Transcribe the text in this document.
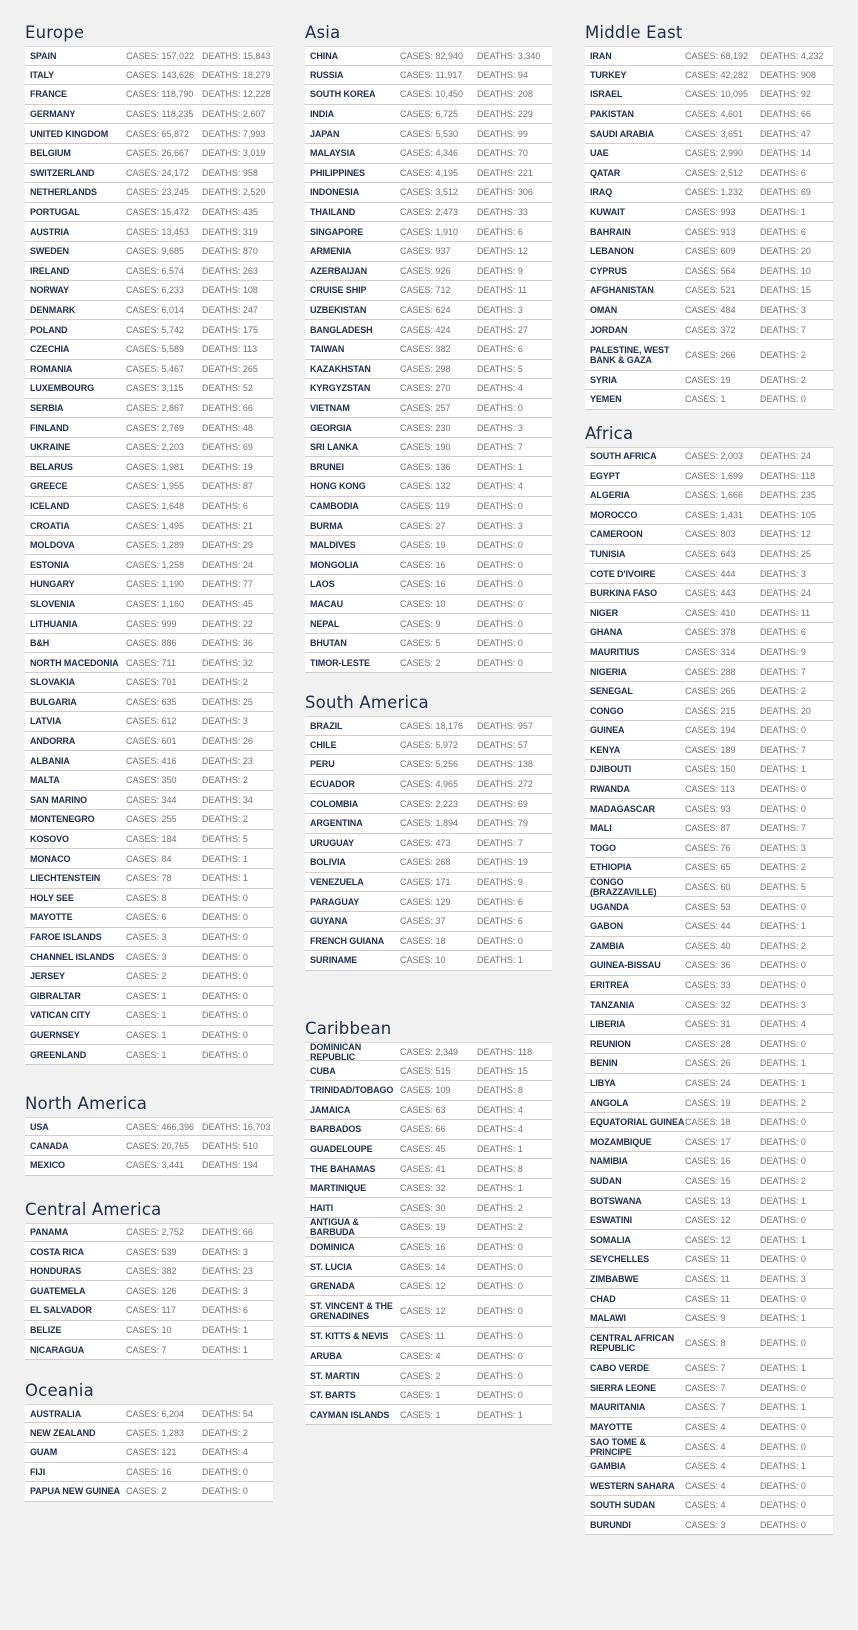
Europe
SPAIN	CASES: 157,022 DEATHS: 15,843
ITALY	CASES: 143,626 DEATHS: 18,279
FRANCE	CASES: 118,790 DEATHS: 12,228
GERMANY	CASES: 118,235 DEATHS: 2,607
UNITED KINGDOM	CASES: 65,872	DEATHS: 7,993
BELGIUM	CASES: 26,667	DEATHS: 3,019
SWITZERLAND	CASES: 24,172	DEATHS: 958
NETHERLANDS	CASES: 23,245	DEATHS: 2,520
PORTUGAL	CASES: 15,472	DEATHS: 435
AUSTRIA	CASES: 13,453	DEATHS: 319
SWEDEN	CASES: 9,685	DEATHS: 870
IRELAND	CASES: 6,574	DEATHS: 263
NORWAY	CASES: 6,233	DEATHS: 108
DENMARK	CASES: 6,014	DEATHS: 247
POLAND	CASES: 5,742	DEATHS: 175
CZECHIA	CASES: 5,589	DEATHS: 113
ROMANIA	CASES: 5,467	DEATHS: 265
LUXEMBOURG	CASES: 3,115	DEATHS: 52
SERBIA	CASES: 2,867	DEATHS: 66
FINLAND	CASES: 2,769	DEATHS: 48
UKRAINE	CASES: 2,203	DEATHS: 69
BELARUS	CASES: 1,981	DEATHS: 19
GREECE	CASES: 1,955	DEATHS: 87
ICELAND	CASES: 1,648	DEATHS: 6
CROATIA	CASES: 1,495	DEATHS: 21
MOLDOVA	CASES: 1,289	DEATHS: 29
ESTONIA	CASES: 1,258	DEATHS: 24
HUNGARY	CASES: 1,190	DEATHS: 77
SLOVENIA	CASES: 1,160	DEATHS: 45
LITHUANIA	CASES: 999	DEATHS: 22
B&H	CASES: 886	DEATHS: 36
NORTH MACEDONIA CASES: 711	DEATHS: 32
SLOVAKIA	CASES: 701	DEATHS: 2
BULGARIA	CASES: 635	DEATHS: 25
LATVIA	CASES: 612	DEATHS: 3
ANDORRA	CASES: 601	DEATHS: 26
ALBANIA	CASES: 416	DEATHS: 23
MALTA	CASES: 350	DEATHS: 2
SAN MARINO	CASES: 344	DEATHS: 34
MONTENEGRO	CASES: 255	DEATHS: 2
KOSOVO	CASES: 184	DEATHS: 5
MONACO	CASES: 84	DEATHS: 1
LIECHTENSTEIN	CASES: 78	DEATHS: 1
HOLY SEE	CASES: 8	DEATHS: 0
MAYOTTE	CASES: 6	DEATHS: 0
FAROE ISLANDS	CASES: 3	DEATHS: 0
CHANNEL ISLANDS	CASES: 3	DEATHS: 0
JERSEY	CASES: 2	DEATHS: 0
GIBRALTAR	CASES: 1	DEATHS: 0
VATICAN CITY	CASES: 1	DEATHS: 0
GUERNSEY	CASES: 1	DEATHS: 0
GREENLAND	CASES: 1	DEATHS: 0
North America
USA	CASES: 466,396 DEATHS: 16,703
CANADA	CASES: 20,765	DEATHS: 510
MEXICO	CASES: 3,441	DEATHS: 194
Central America
PANAMA	CASES: 2,752	DEATHS: 66
COSTA RICA	CASES: 539	DEATHS: 3
HONDURAS	CASES: 382	DEATHS: 23
GUATEMELA	CASES: 126	DEATHS: 3
EL SALVADOR	CASES: 117	DEATHS: 6
BELIZE	CASES: 10	DEATHS: 1
NICARAGUA	CASES: 7	DEATHS: 1
Oceania
AUSTRALIA	CASES: 6,204	DEATHS: 54
NEW ZEALAND	CASES: 1,283	DEATHS: 2
GUAM	CASES: 121	DEATHS: 4
FIJI	CASES: 16	DEATHS: 0
PAPUA NEW GUINEA CASES: 2	DEATHS: 0
Asia
CHINA	CASES: 82,940	DEATHS: 3,340
RUSSIA	CASES: 11,917	DEATHS: 94
SOUTH KOREA	CASES: 10,450	DEATHS: 208
INDIA	CASES: 6,725	DEATHS: 229
JAPAN	CASES: 5,530	DEATHS: 99
MALAYSIA	CASES: 4,346	DEATHS: 70
PHILIPPINES	CASES: 4,195	DEATHS: 221
INDONESIA	CASES: 3,512	DEATHS: 306
THAILAND	CASES: 2,473	DEATHS: 33
SINGAPORE	CASES: 1,910	DEATHS: 6
ARMENIA	CASES: 937	DEATHS: 12
AZERBAIJAN	CASES: 926	DEATHS: 9
CRUISE SHIP	CASES: 712	DEATHS: 11
UZBEKISTAN	CASES: 624	DEATHS: 3
BANGLADESH	CASES: 424	DEATHS: 27
TAIWAN	CASES: 382	DEATHS: 6
KAZAKHSTAN	CASES: 298	DEATHS: 5
KYRGYZSTAN	CASES: 270	DEATHS: 4
VIETNAM	CASES: 257	DEATHS: 0
GEORGIA	CASES: 230	DEATHS: 3
SRI LANKA	CASES: 190	DEATHS: 7
BRUNEI	CASES: 136	DEATHS: 1
HONG KONG	CASES: 132	DEATHS: 4
CAMBODIA	CASES: 119	DEATHS: 0
BURMA	CASES: 27	DEATHS: 3
MALDIVES	CASES: 19	DEATHS: 0
MONGOLIA	CASES: 16	DEATHS: 0
LAOS	CASES: 16	DEATHS: 0
MACAU	CASES: 10	DEATHS: 0
NEPAL	CASES: 9	DEATHS: 0
BHUTAN	CASES: 5	DEATHS: 0
TIMOR-LESTE	CASES: 2	DEATHS: 0
South America
BRAZIL	CASES: 18,176	DEATHS: 957
CHILE	CASES: 5,972	DEATHS: 57
PERU	CASES: 5,256	DEATHS: 138
ECUADOR	CASES: 4,965	DEATHS: 272
COLOMBIA	CASES: 2,223	DEATHS: 69
ARGENTINA	CASES: 1,894	DEATHS: 79
URUGUAY	CASES: 473	DEATHS: 7
BOLIVIA	CASES: 268	DEATHS: 19
VENEZUELA	CASES: 171	DEATHS: 9
PARAGUAY	CASES: 129	DEATHS: 6
GUYANA	CASES: 37	DEATHS: 6
FRENCH GUIANA	CASES: 18	DEATHS: 0
SURINAME	CASES: 10	DEATHS: 1
Caribbean
DOMINICAN REPUBLIC	CASES: 2,349	DEATHS: 118
CUBA	CASES: 515	DEATHS: 15
TRINIDAD/TOBAGO CASES: 109	DEATHS: 8
JAMAICA	CASES: 63	DEATHS: 4
BARBADOS	CASES: 66	DEATHS: 4
GUADELOUPE	CASES: 45	DEATHS: 1
THE BAHAMAS	CASES: 41	DEATHS: 8
MARTINIQUE	CASES: 32	DEATHS: 1
HAITI	CASES: 30	DEATHS: 2
ANTIGUA & BARBUDA	CASES: 19	DEATHS: 2
DOMINICA	CASES: 16	DEATHS: 0
ST. LUCIA	CASES: 14	DEATHS: 0
GRENADA	CASES: 12	DEATHS: 0
ST. VINCENT & THE GRENADINES	CASES: 12	DEATHS: 0
ST. KITTS & NEVIS	CASES: 11	DEATHS: 0
ARUBA	CASES: 4	DEATHS: 0
ST. MARTIN	CASES: 2	DEATHS: 0
ST. BARTS	CASES: 1	DEATHS: 0
CAYMAN ISLANDS	CASES: 1	DEATHS: 1
Middle East
IRAN	CASES: 68,192	DEATHS: 4,232
TURKEY	CASES: 42,282	DEATHS: 908
ISRAEL	CASES: 10,095	DEATHS: 92
PAKISTAN	CASES: 4,601	DEATHS: 66
SAUDI ARABIA	CASES: 3,651	DEATHS: 47
UAE	CASES: 2,990	DEATHS: 14
QATAR	CASES: 2,512	DEATHS: 6
IRAQ	CASES: 1,232	DEATHS: 69
KUWAIT	CASES: 993	DEATHS: 1
BAHRAIN	CASES: 913	DEATHS: 6
LEBANON	CASES: 609	DEATHS: 20
CYPRUS	CASES: 564	DEATHS: 10
AFGHANISTAN	CASES: 521	DEATHS: 15
OMAN	CASES: 484	DEATHS: 3
JORDAN	CASES: 372	DEATHS: 7
PALESTINE, WEST BANK & GAZA	CASES: 266	DEATHS: 2
SYRIA	CASES: 19	DEATHS: 2
YEMEN	CASES: 1	DEATHS: 0
Africa
SOUTH AFRICA	CASES: 2,003	DEATHS: 24
EGYPT	CASES: 1,699	DEATHS: 118
ALGERIA	CASES: 1,666	DEATHS: 235
MOROCCO	CASES: 1,431	DEATHS: 105
CAMEROON	CASES: 803	DEATHS: 12
TUNISIA	CASES: 643	DEATHS: 25
COTE D'IVOIRE	CASES: 444	DEATHS: 3
BURKINA FASO	CASES: 443	DEATHS: 24
NIGER	CASES: 410	DEATHS: 11
GHANA	CASES: 378	DEATHS: 6
MAURITIUS	CASES: 314	DEATHS: 9
NIGERIA	CASES: 288	DEATHS: 7
SENEGAL	CASES: 265	DEATHS: 2
CONGO	CASES: 215	DEATHS: 20
GUINEA	CASES: 194	DEATHS: 0
KENYA	CASES: 189	DEATHS: 7
DJIBOUTI	CASES: 150	DEATHS: 1
RWANDA	CASES: 113	DEATHS: 0
MADAGASCAR	CASES: 93	DEATHS: 0
MALI	CASES: 87	DEATHS: 7
TOGO	CASES: 76	DEATHS: 3
ETHIOPIA	CASES: 65	DEATHS: 2
CONGO (BRAZZAVILLE)	CASES: 60	DEATHS: 5
UGANDA	CASES: 53	DEATHS: 0
GABON	CASES: 44	DEATHS: 1
ZAMBIA	CASES: 40	DEATHS: 2
GUINEA-BISSAU	CASES: 36	DEATHS: 0
ERITREA	CASES: 33	DEATHS: 0
TANZANIA	CASES: 32	DEATHS: 3
LIBERIA	CASES: 31	DEATHS: 4
REUNION	CASES: 28	DEATHS: 0
BENIN	CASES: 26	DEATHS: 1
LIBYA	CASES: 24	DEATHS: 1
ANGOLA	CASES: 19	DEATHS: 2
EQUATORIAL GUINEA CASES: 18	DEATHS: 0
MOZAMBIQUE	CASES: 17	DEATHS: 0
NAMIBIA	CASES: 16	DEATHS: 0
SUDAN	CASES: 15	DEATHS: 2
BOTSWANA	CASES: 13	DEATHS: 1
ESWATINI	CASES: 12	DEATHS: 0
SOMALIA	CASES: 12	DEATHS: 1
SEYCHELLES	CASES: 11	DEATHS: 0
ZIMBABWE	CASES: 11	DEATHS: 3
CHAD	CASES: 11	DEATHS: 0
MALAWI	CASES: 9	DEATHS: 1
CENTRAL AFRICAN REPUBLIC	CASES: 8	DEATHS: 0
CABO VERDE	CASES: 7	DEATHS: 1
SIERRA LEONE	CASES: 7	DEATHS: 0
MAURITANIA	CASES: 7	DEATHS: 1
MAYOTTE	CASES: 4	DEATHS: 0
SAO TOME & PRINCIPE	CASES: 4	DEATHS: 0
GAMBIA	CASES: 4	DEATHS: 1
WESTERN SAHARA	CASES: 4	DEATHS: 0
SOUTH SUDAN	CASES: 4	DEATHS: 0
BURUNDI	CASES: 3	DEATHS: 0
